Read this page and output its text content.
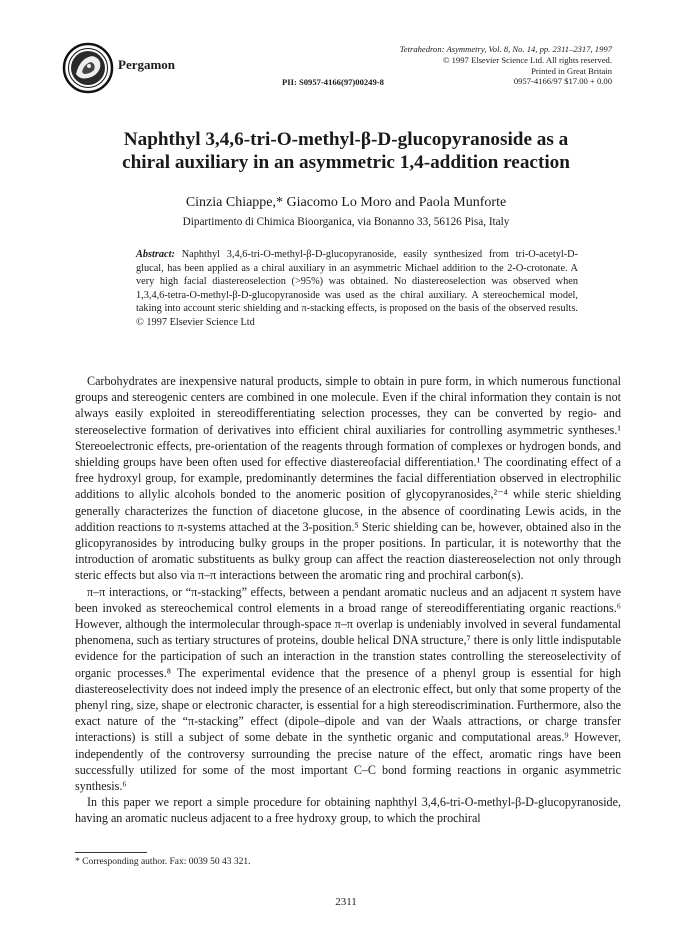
Pergamon
Tetrahedron: Asymmetry, Vol. 8, No. 14, pp. 2311–2317, 1997
© 1997 Elsevier Science Ltd. All rights reserved.
Printed in Great Britain
0957-4166/97 $17.00 + 0.00
PII: S0957-4166(97)00249-8
Naphthyl 3,4,6-tri-O-methyl-β-D-glucopyranoside as a chiral auxiliary in an asymmetric 1,4-addition reaction
Cinzia Chiappe,* Giacomo Lo Moro and Paola Munforte
Dipartimento di Chimica Bioorganica, via Bonanno 33, 56126 Pisa, Italy
Abstract: Naphthyl 3,4,6-tri-O-methyl-β-D-glucopyranoside, easily synthesized from tri-O-acetyl-D-glucal, has been applied as a chiral auxiliary in an asymmetric Michael addition to the 2-O-crotonate. A very high facial diastereoselection (>95%) was obtained. No diastereoselection was observed when 1,3,4,6-tetra-O-methyl-β-D-glucopyranoside was used as the chiral auxiliary. A stereochemical model, taking into account steric shielding and π-stacking effects, is proposed on the basis of the observed results. © 1997 Elsevier Science Ltd

Carbohydrates are inexpensive natural products, simple to obtain in pure form, in which numerous functional groups and stereogenic centers are combined in one molecule. Even if the chiral information they contain is not always easily exploited in stereodifferentiating selection processes, they can be converted by regio- and stereoselective formation of derivatives into efficient chiral auxiliaries for controlling asymmetric syntheses.¹ Stereoelectronic effects, pre-orientation of the reagents through formation of complexes or hydrogen bonds, and shielding groups have been often used for effective diastereofacial differentiation.¹ The coordinating effect of a free hydroxyl group, for example, predominantly determines the facial differentiation observed in electrophilic additions to allylic alcohols bonded to the anomeric position of glycopyranosides,²⁻⁴ while steric shielding generally characterizes the function of diacetone glucose, in the absence of coordinating Lewis acids, in the addition reactions to π-systems attached at the 3-position.⁵ Steric shielding can be, however, obtained also in the glicopyranosides by introducing bulky groups in the proper positions. In particular, it is noteworthy that the introduction of aromatic substituents as bulky group can affect the reaction diastereoselection not only through steric effects but also via π–π interactions between the aromatic ring and prochiral carbon(s).

π–π interactions, or “π-stacking” effects, between a pendant aromatic nucleus and an adjacent π system have been invoked as stereochemical control elements in a broad range of stereodifferentiating organic reactions.⁶ However, although the intermolecular through-space π–π overlap is undeniably involved in several fundamental phenomena, such as tertiary structures of proteins, double helical DNA structure,⁷ there is only little indisputable evidence for the participation of such an interaction in the transtion states controlling the stereoselectivity of organic processes.⁸ The experimental evidence that the presence of a phenyl group is essential for high diastereoselectivity does not indeed imply the presence of an electronic effect, but only that some property of the phenyl ring, size, shape or electronic character, is essential for a high stereodiscrimination. Furthermore, also the exact nature of the “π-stacking” effect (dipole–dipole and van der Waals attractions, or charge transfer interactions) is still a subject of some debate in the synthetic organic and computational areas.⁹ However, independently of the controversy surrounding the precise nature of the effect, aromatic rings have been successfully utilized for some of the most important C–C bond forming reactions in organic asymmetric synthesis.⁶

In this paper we report a simple procedure for obtaining naphthyl 3,4,6-tri-O-methyl-β-D-glucopyranoside, having an aromatic nucleus adjacent to a free hydroxy group, to which the prochiral

* Corresponding author. Fax: 0039 50 43 321.
2311
